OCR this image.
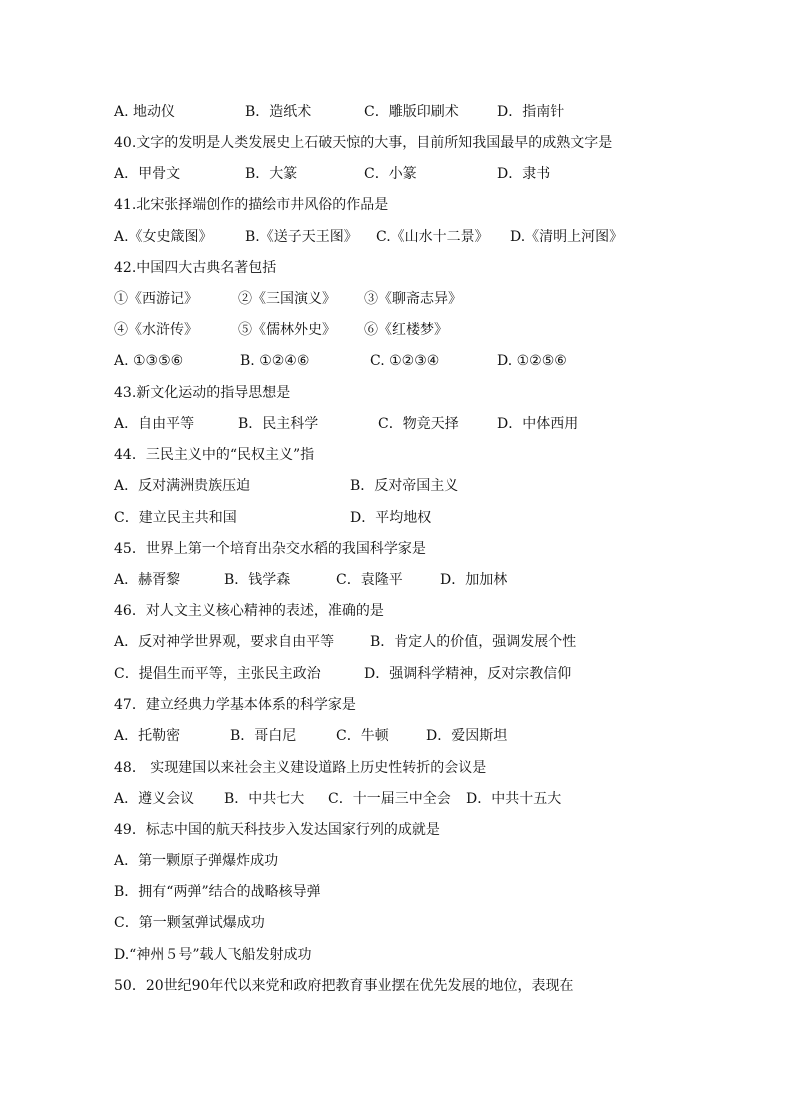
A. 地动仪	B．造纸术	C．雕版印刷术	D．指南针
40.文字的发明是人类发展史上石破天惊的大事，目前所知我国最早的成熟文字是
A．甲骨文	B．大篆	C．小篆	D．隶书
41.北宋张择端创作的描绘市井风俗的作品是
A.《女史箴图》 B.《送子天王图》 C.《山水十二景》 D.《清明上河图》
42.中国四大古典名著包括
①《西游记》	②《三国演义》 ③《聊斋志异》
④《水浒传》	⑤《儒林外史》 ⑥《红楼梦》
A. ①③⑤⑥	B. ①②④⑥	C. ①②③④	D. ①②⑤⑥
43.新文化运动的指导思想是
A．自由平等	B．民主科学	C．物竞天择	D．中体西用
44．三民主义中的“民权主义”指
A．反对满洲贵族压迫	B．反对帝国主义
C．建立民主共和国	D．平均地权
45．世界上第一个培育出杂交水稻的我国科学家是
A．赫胥黎	B．钱学森	C．袁隆平	D．加加林
46．对人文主义核心精神的表述，准确的是
A．反对神学世界观，要求自由平等	B．肯定人的价值，强调发展个性
C．提倡生而平等，主张民主政治	D．强调科学精神，反对宗教信仰
47．建立经典力学基本体系的科学家是
A．托勒密	B．哥白尼	C．牛顿	D．爱因斯坦
48． 实现建国以来社会主义建设道路上历史性转折的会议是
A．遵义会议 B．中共七大 C．十一届三中全会 D．中共十五大
49．标志中国的航天科技步入发达国家行列的成就是
A．第一颗原子弹爆炸成功
B．拥有“两弹”结合的战略核导弹
C．第一颗氢弹试爆成功
D.“神州５号”载人飞船发射成功
50．20世纪90年代以来党和政府把教育事业摆在优先发展的地位，表现在
